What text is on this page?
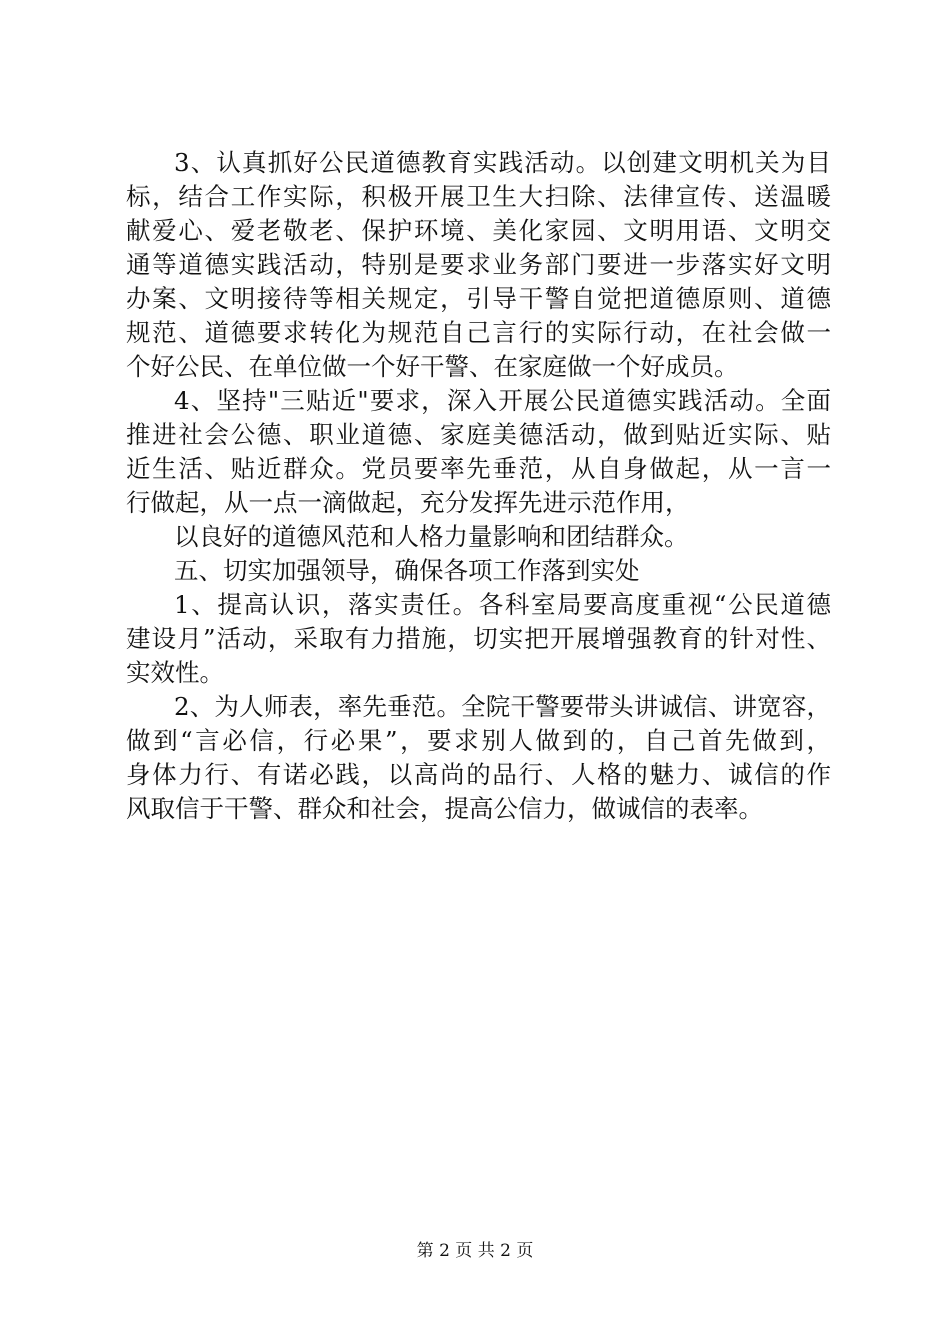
3、认真抓好公民道德教育实践活动。以创建文明机关为目
标，结合工作实际，积极开展卫生大扫除、法律宣传、送温暖
献爱心、爱老敬老、保护环境、美化家园、文明用语、文明交
通等道德实践活动，特别是要求业务部门要进一步落实好文明
办案、文明接待等相关规定，引导干警自觉把道德原则、道德
规范、道德要求转化为规范自己言行的实际行动，在社会做一
个好公民、在单位做一个好干警、在家庭做一个好成员。
4、坚持"三贴近"要求，深入开展公民道德实践活动。全面
推进社会公德、职业道德、家庭美德活动，做到贴近实际、贴
近生活、贴近群众。党员要率先垂范，从自身做起，从一言一
行做起，从一点一滴做起，充分发挥先进示范作用，
以良好的道德风范和人格力量影响和团结群众。
五、切实加强领导，确保各项工作落到实处
1、提高认识，落实责任。各科室局要高度重视“公民道德
建设月”活动，采取有力措施，切实把开展增强教育的针对性、
实效性。
2、为人师表，率先垂范。全院干警要带头讲诚信、讲宽容，
做到“言必信，行必果”，要求别人做到的，自己首先做到，
身体力行、有诺必践，以高尚的品行、人格的魅力、诚信的作
风取信于干警、群众和社会，提高公信力，做诚信的表率。
第 2 页 共 2 页
